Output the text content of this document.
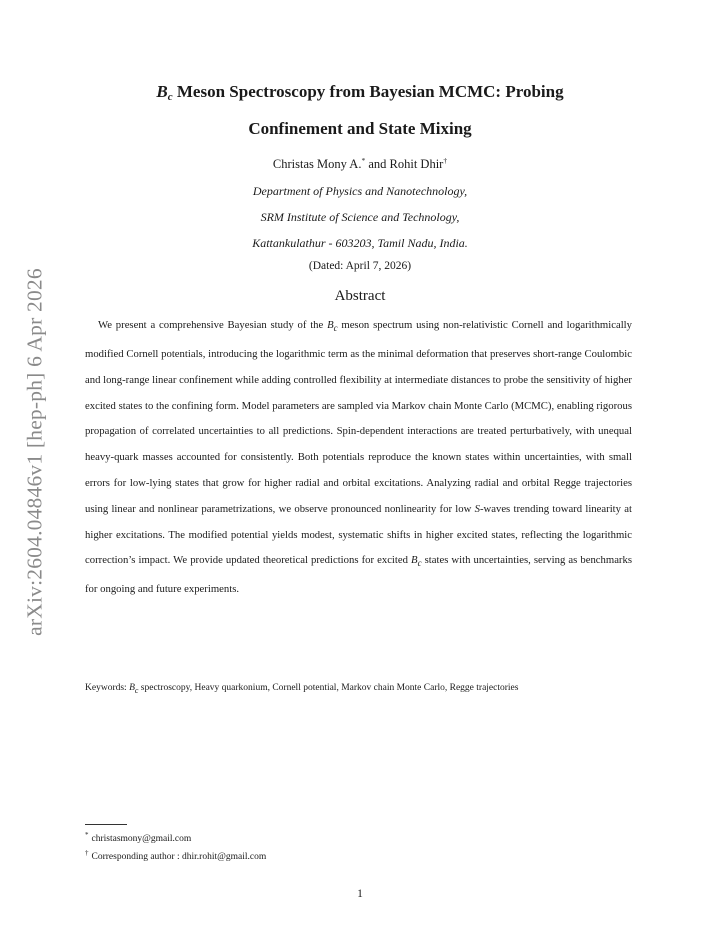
arXiv:2604.04846v1 [hep-ph] 6 Apr 2026
$B_c$ Meson Spectroscopy from Bayesian MCMC: Probing
Confinement and State Mixing
Christas Mony A.* and Rohit Dhir†
Department of Physics and Nanotechnology,
SRM Institute of Science and Technology,
Kattankulathur - 603203, Tamil Nadu, India.
(Dated: April 7, 2026)
Abstract

We present a comprehensive Bayesian study of the $B_c$ meson spectrum using non-relativistic Cornell and logarithmically modified Cornell potentials, introducing the logarithmic term as the minimal deformation that preserves short-range Coulombic and long-range linear confinement while adding controlled flexibility at intermediate distances to probe the sensitivity of higher excited states to the confining form. Model parameters are sampled via Markov chain Monte Carlo (MCMC), enabling rigorous propagation of correlated uncertainties to all predictions. Spin-dependent interactions are treated perturbatively, with unequal heavy-quark masses accounted for consistently. Both potentials reproduce the known states within uncertainties, with small errors for low-lying states that grow for higher radial and orbital excitations. Analyzing radial and orbital Regge trajectories using linear and nonlinear parametrizations, we observe pronounced nonlinearity for low S-waves trending toward linearity at higher excitations. The modified potential yields modest, systematic shifts in higher excited states, reflecting the logarithmic correction’s impact. We provide updated theoretical predictions for excited $B_c$ states with uncertainties, serving as benchmarks for ongoing and future experiments.

Keywords: $B_c$ spectroscopy, Heavy quarkonium, Cornell potential, Markov chain Monte Carlo, Regge trajectories

* christasmony@gmail.com
† Corresponding author : dhir.rohit@gmail.com
1
